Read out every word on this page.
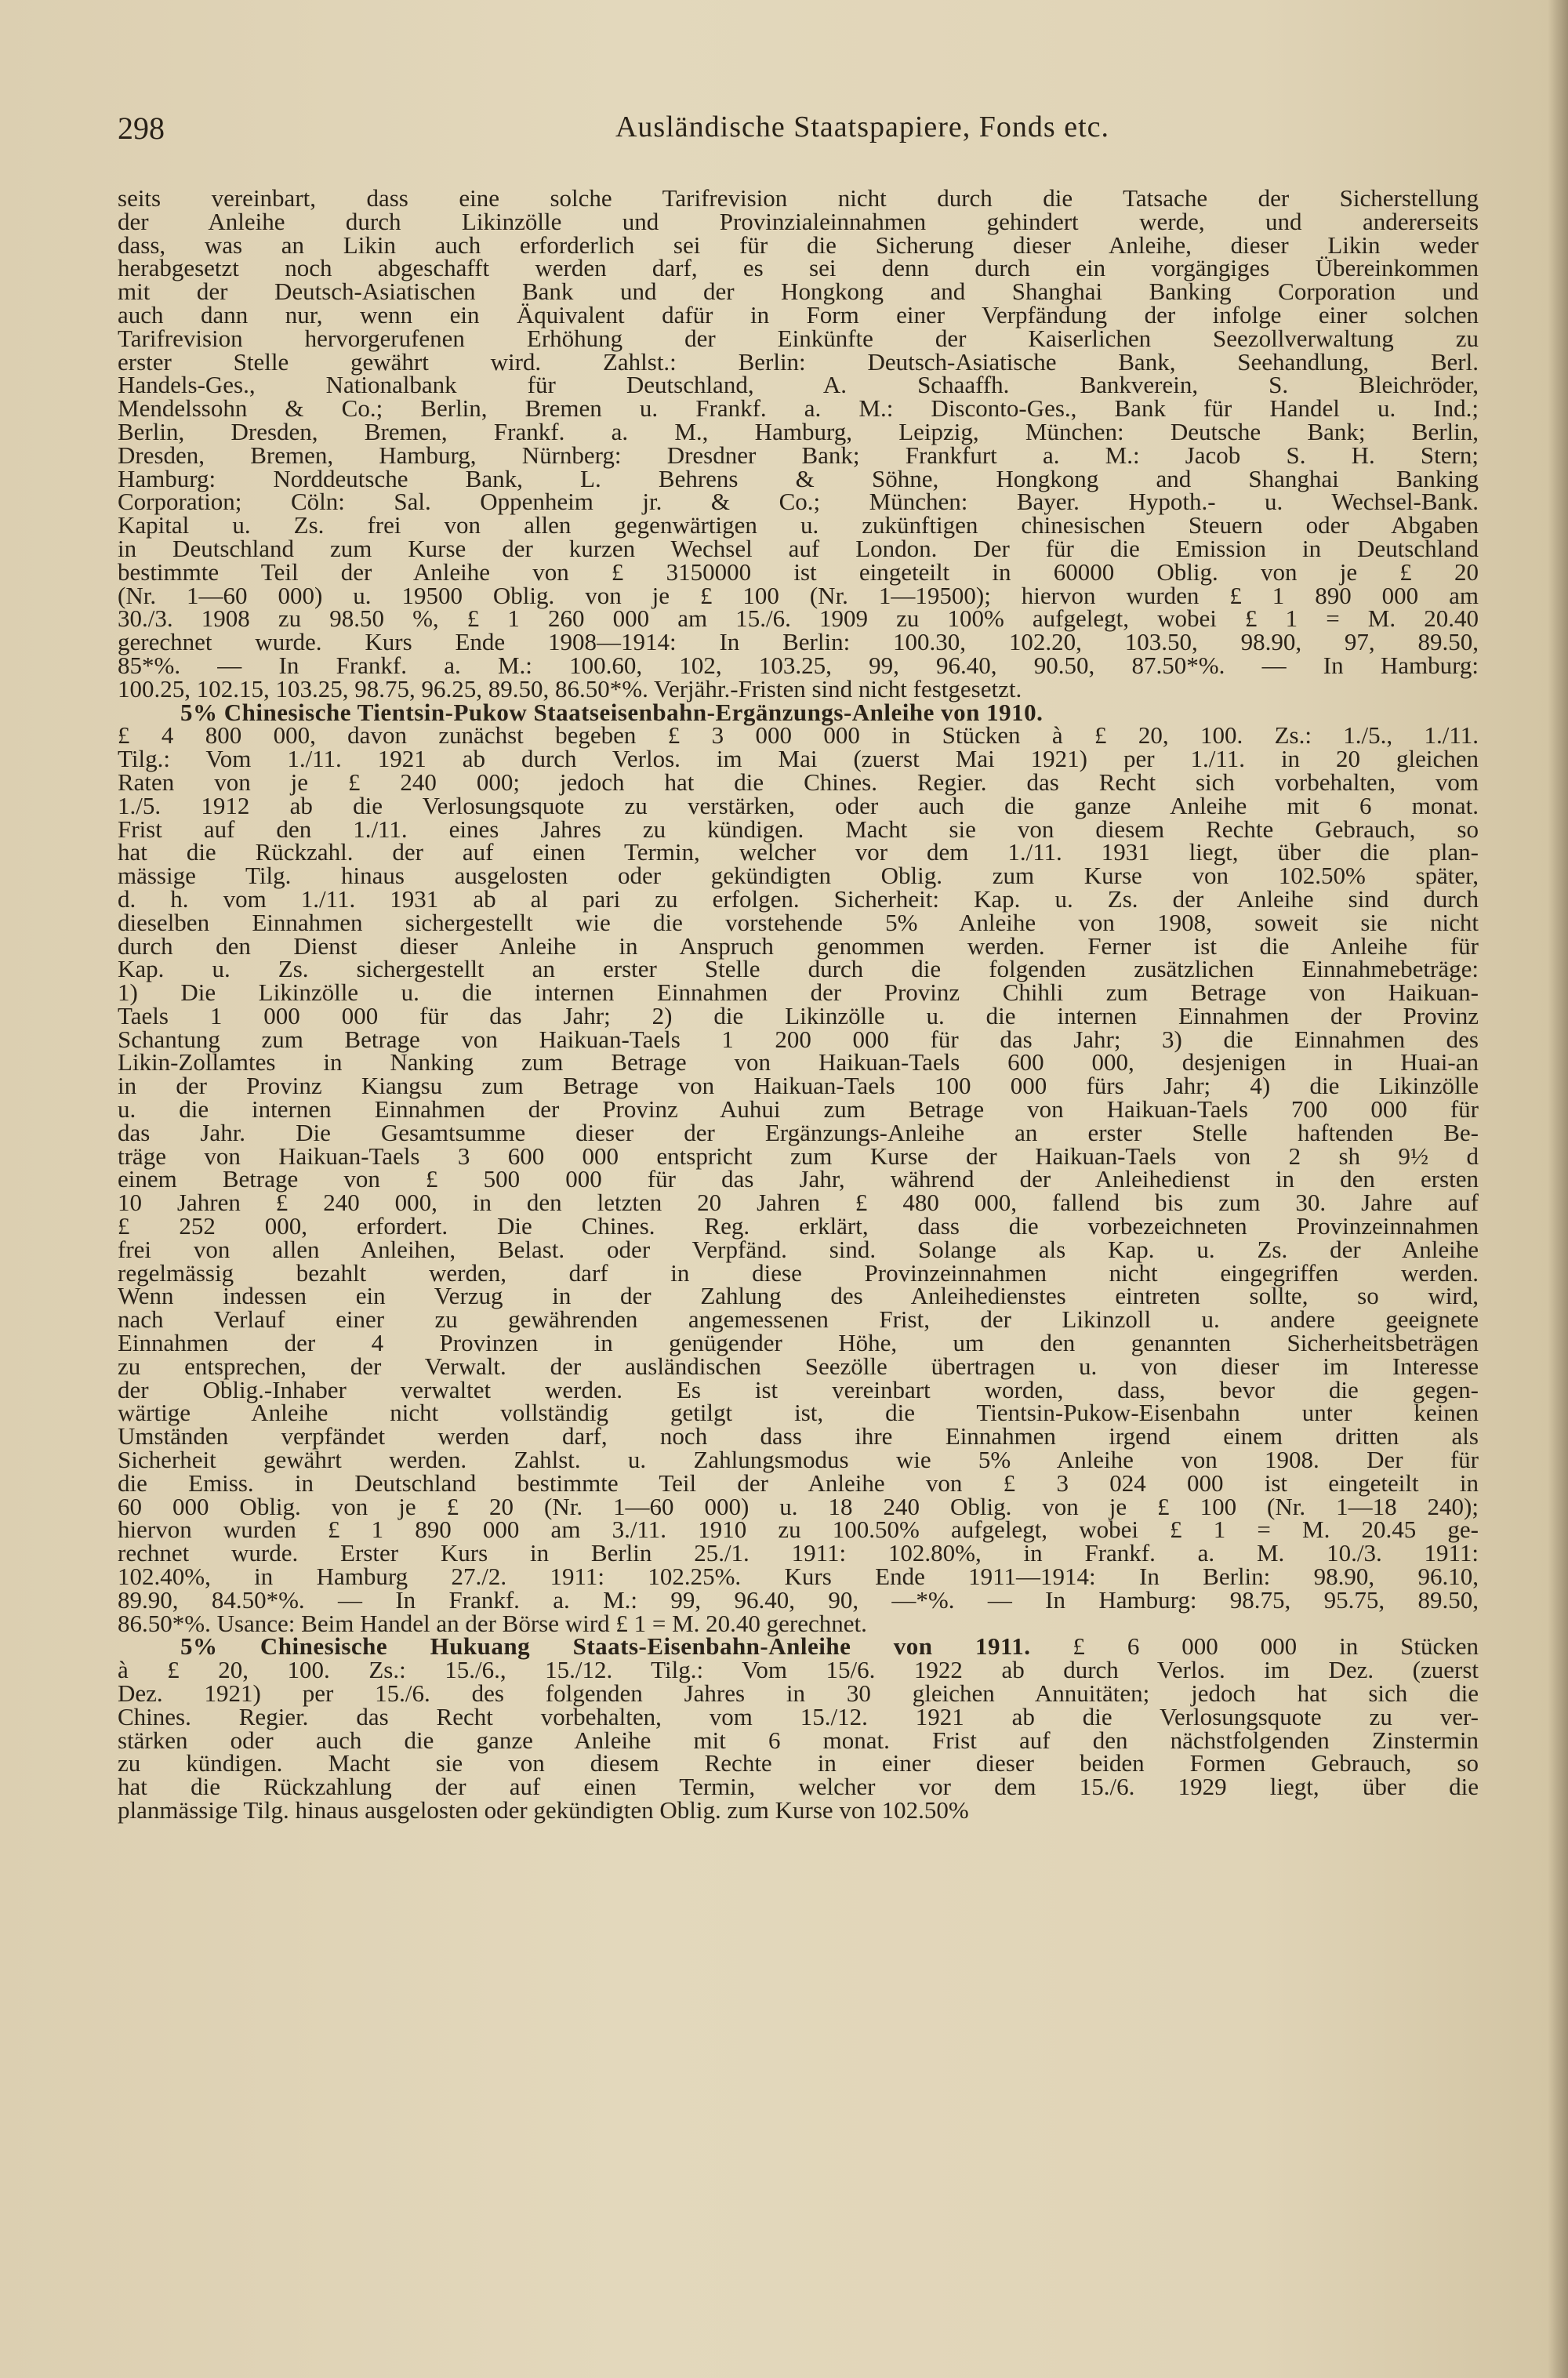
298	Ausländische Staatspapiere, Fonds etc.
seits vereinbart, dass eine solche Tarifrevision nicht durch die Tatsache der Sicherstellung
der Anleihe durch Likinzölle und Provinzialeinnahmen gehindert werde, und andererseits
dass, was an Likin auch erforderlich sei für die Sicherung dieser Anleihe, dieser Likin weder
herabgesetzt noch abgeschafft werden darf, es sei denn durch ein vorgängiges Übereinkommen
mit der Deutsch-Asiatischen Bank und der Hongkong and Shanghai Banking Corporation und
auch dann nur, wenn ein Äquivalent dafür in Form einer Verpfändung der infolge einer solchen
Tarifrevision hervorgerufenen Erhöhung der Einkünfte der Kaiserlichen Seezollverwaltung zu
erster Stelle gewährt wird. Zahlst.: Berlin: Deutsch-Asiatische Bank, Seehandlung, Berl.
Handels-Ges., Nationalbank für Deutschland, A. Schaaffh. Bankverein, S. Bleichröder,
Mendelssohn & Co.; Berlin, Bremen u. Frankf. a. M.: Disconto-Ges., Bank für Handel u. Ind.;
Berlin, Dresden, Bremen, Frankf. a. M., Hamburg, Leipzig, München: Deutsche Bank; Berlin,
Dresden, Bremen, Hamburg, Nürnberg: Dresdner Bank; Frankfurt a. M.: Jacob S. H. Stern;
Hamburg: Norddeutsche Bank, L. Behrens & Söhne, Hongkong and Shanghai Banking
Corporation; Cöln: Sal. Oppenheim jr. & Co.; München: Bayer. Hypoth.- u. Wechsel-Bank.
Kapital u. Zs. frei von allen gegenwärtigen u. zukünftigen chinesischen Steuern oder Abgaben
in Deutschland zum Kurse der kurzen Wechsel auf London. Der für die Emission in Deutschland
bestimmte Teil der Anleihe von £ 3150000 ist eingeteilt in 60000 Oblig. von je £ 20
(Nr. 1—60 000) u. 19500 Oblig. von je £ 100 (Nr. 1—19500); hiervon wurden £ 1 890 000 am
30./3. 1908 zu 98.50 %, £ 1 260 000 am 15./6. 1909 zu 100% aufgelegt, wobei £ 1 = M. 20.40
gerechnet wurde. Kurs Ende 1908—1914: In Berlin: 100.30, 102.20, 103.50, 98.90, 97, 89.50,
85*%. — In Frankf. a. M.: 100.60, 102, 103.25, 99, 96.40, 90.50, 87.50*%. — In Hamburg:
100.25, 102.15, 103.25, 98.75, 96.25, 89.50, 86.50*%. Verjähr.-Fristen sind nicht festgesetzt.
5% Chinesische Tientsin-Pukow Staatseisenbahn-Ergänzungs-Anleihe von 1910.
£ 4 800 000, davon zunächst begeben £ 3 000 000 in Stücken à £ 20, 100. Zs.: 1./5., 1./11.
Tilg.: Vom 1./11. 1921 ab durch Verlos. im Mai (zuerst Mai 1921) per 1./11. in 20 gleichen
Raten von je £ 240 000; jedoch hat die Chines. Regier. das Recht sich vorbehalten, vom
1./5. 1912 ab die Verlosungsquote zu verstärken, oder auch die ganze Anleihe mit 6 monat.
Frist auf den 1./11. eines Jahres zu kündigen. Macht sie von diesem Rechte Gebrauch, so
hat die Rückzahl. der auf einen Termin, welcher vor dem 1./11. 1931 liegt, über die plan-
mässige Tilg. hinaus ausgelosten oder gekündigten Oblig. zum Kurse von 102.50% später,
d. h. vom 1./11. 1931 ab al pari zu erfolgen. Sicherheit: Kap. u. Zs. der Anleihe sind durch
dieselben Einnahmen sichergestellt wie die vorstehende 5% Anleihe von 1908, soweit sie nicht
durch den Dienst dieser Anleihe in Anspruch genommen werden. Ferner ist die Anleihe für
Kap. u. Zs. sichergestellt an erster Stelle durch die folgenden zusätzlichen Einnahmebeträge:
1) Die Likinzölle u. die internen Einnahmen der Provinz Chihli zum Betrage von Haikuan-
Taels 1 000 000 für das Jahr; 2) die Likinzölle u. die internen Einnahmen der Provinz
Schantung zum Betrage von Haikuan-Taels 1 200 000 für das Jahr; 3) die Einnahmen des
Likin-Zollamtes in Nanking zum Betrage von Haikuan-Taels 600 000, desjenigen in Huai-an
in der Provinz Kiangsu zum Betrage von Haikuan-Taels 100 000 fürs Jahr; 4) die Likinzölle
u. die internen Einnahmen der Provinz Auhui zum Betrage von Haikuan-Taels 700 000 für
das Jahr. Die Gesamtsumme dieser der Ergänzungs-Anleihe an erster Stelle haftenden Be-
träge von Haikuan-Taels 3 600 000 entspricht zum Kurse der Haikuan-Taels von 2 sh 9½ d
einem Betrage von £ 500 000 für das Jahr, während der Anleihedienst in den ersten
10 Jahren £ 240 000, in den letzten 20 Jahren £ 480 000, fallend bis zum 30. Jahre auf
£ 252 000, erfordert. Die Chines. Reg. erklärt, dass die vorbezeichneten Provinzeinnahmen
frei von allen Anleihen, Belast. oder Verpfänd. sind. Solange als Kap. u. Zs. der Anleihe
regelmässig bezahlt werden, darf in diese Provinzeinnahmen nicht eingegriffen werden.
Wenn indessen ein Verzug in der Zahlung des Anleihedienstes eintreten sollte, so wird,
nach Verlauf einer zu gewährenden angemessenen Frist, der Likinzoll u. andere geeignete
Einnahmen der 4 Provinzen in genügender Höhe, um den genannten Sicherheitsbeträgen
zu entsprechen, der Verwalt. der ausländischen Seezölle übertragen u. von dieser im Interesse
der Oblig.-Inhaber verwaltet werden. Es ist vereinbart worden, dass, bevor die gegen-
wärtige Anleihe nicht vollständig getilgt ist, die Tientsin-Pukow-Eisenbahn unter keinen
Umständen verpfändet werden darf, noch dass ihre Einnahmen irgend einem dritten als
Sicherheit gewährt werden. Zahlst. u. Zahlungsmodus wie 5% Anleihe von 1908. Der für
die Emiss. in Deutschland bestimmte Teil der Anleihe von £ 3 024 000 ist eingeteilt in
60 000 Oblig. von je £ 20 (Nr. 1—60 000) u. 18 240 Oblig. von je £ 100 (Nr. 1—18 240);
hiervon wurden £ 1 890 000 am 3./11. 1910 zu 100.50% aufgelegt, wobei £ 1 = M. 20.45 ge-
rechnet wurde. Erster Kurs in Berlin 25./1. 1911: 102.80%, in Frankf. a. M. 10./3. 1911:
102.40%, in Hamburg 27./2. 1911: 102.25%. Kurs Ende 1911—1914: In Berlin: 98.90, 96.10,
89.90, 84.50*%. — In Frankf. a. M.: 99, 96.40, 90, —*%. — In Hamburg: 98.75, 95.75, 89.50,
86.50*%. Usance: Beim Handel an der Börse wird £ 1 = M. 20.40 gerechnet.
5% Chinesische Hukuang Staats-Eisenbahn-Anleihe von 1911. £ 6 000 000 in Stücken
à £ 20, 100. Zs.: 15./6., 15./12. Tilg.: Vom 15/6. 1922 ab durch Verlos. im Dez. (zuerst
Dez. 1921) per 15./6. des folgenden Jahres in 30 gleichen Annuitäten; jedoch hat sich die
Chines. Regier. das Recht vorbehalten, vom 15./12. 1921 ab die Verlosungsquote zu ver-
stärken oder auch die ganze Anleihe mit 6 monat. Frist auf den nächstfolgenden Zinstermin
zu kündigen. Macht sie von diesem Rechte in einer dieser beiden Formen Gebrauch, so
hat die Rückzahlung der auf einen Termin, welcher vor dem 15./6. 1929 liegt, über die
planmässige Tilg. hinaus ausgelosten oder gekündigten Oblig. zum Kurse von 102.50%
